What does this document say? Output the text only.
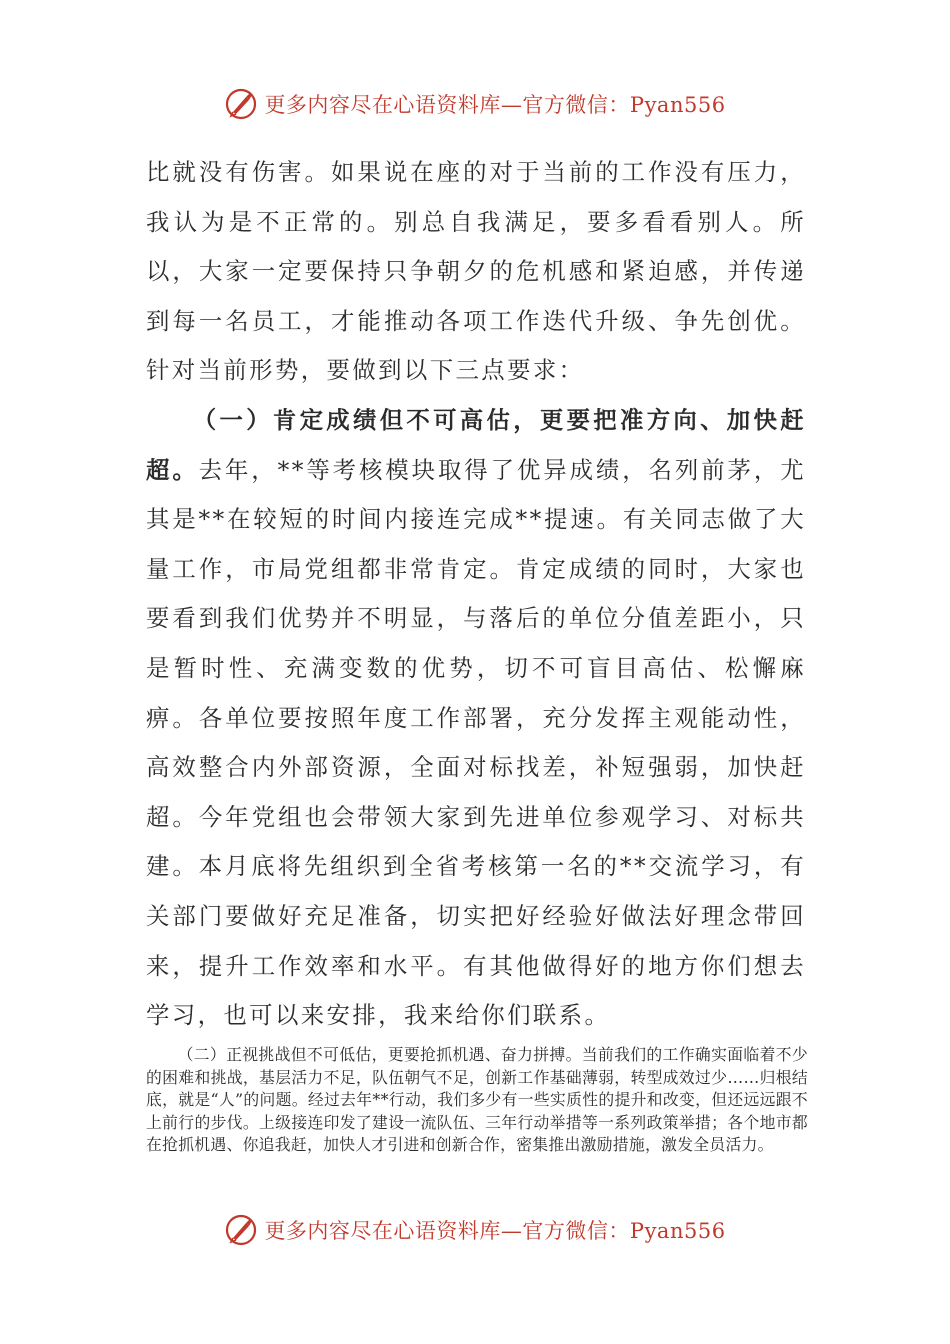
更多内容尽在心语资料库—官方微信：Pyan556

比就没有伤害。如果说在座的对于当前的工作没有压力，我认为是不正常的。别总自我满足，要多看看别人。所以，大家一定要保持只争朝夕的危机感和紧迫感，并传递到每一名员工，才能推动各项工作迭代升级、争先创优。针对当前形势，要做到以下三点要求：

（一）肯定成绩但不可高估，更要把准方向、加快赶超。去年，**等考核模块取得了优异成绩，名列前茅，尤其是**在较短的时间内接连完成**提速。有关同志做了大量工作，市局党组都非常肯定。肯定成绩的同时，大家也要看到我们优势并不明显，与落后的单位分值差距小，只是暂时性、充满变数的优势，切不可盲目高估、松懈麻痹。各单位要按照年度工作部署，充分发挥主观能动性，高效整合内外部资源，全面对标找差，补短强弱，加快赶超。今年党组也会带领大家到先进单位参观学习、对标共建。本月底将先组织到全省考核第一名的**交流学习，有关部门要做好充足准备，切实把好经验好做法好理念带回来，提升工作效率和水平。有其他做得好的地方你们想去学习，也可以来安排，我来给你们联系。

（二）正视挑战但不可低估，更要抢抓机遇、奋力拼搏。当前我们的工作确实面临着不少的困难和挑战，基层活力不足，队伍朝气不足，创新工作基础薄弱，转型成效过少……归根结底，就是“人”的问题。经过去年**行动，我们多少有一些实质性的提升和改变，但还远远跟不上前行的步伐。上级接连印发了建设一流队伍、三年行动举措等一系列政策举措；各个地市都在抢抓机遇、你追我赶，加快人才引进和创新合作，密集推出激励措施，激发全员活力。

更多内容尽在心语资料库—官方微信：Pyan556
